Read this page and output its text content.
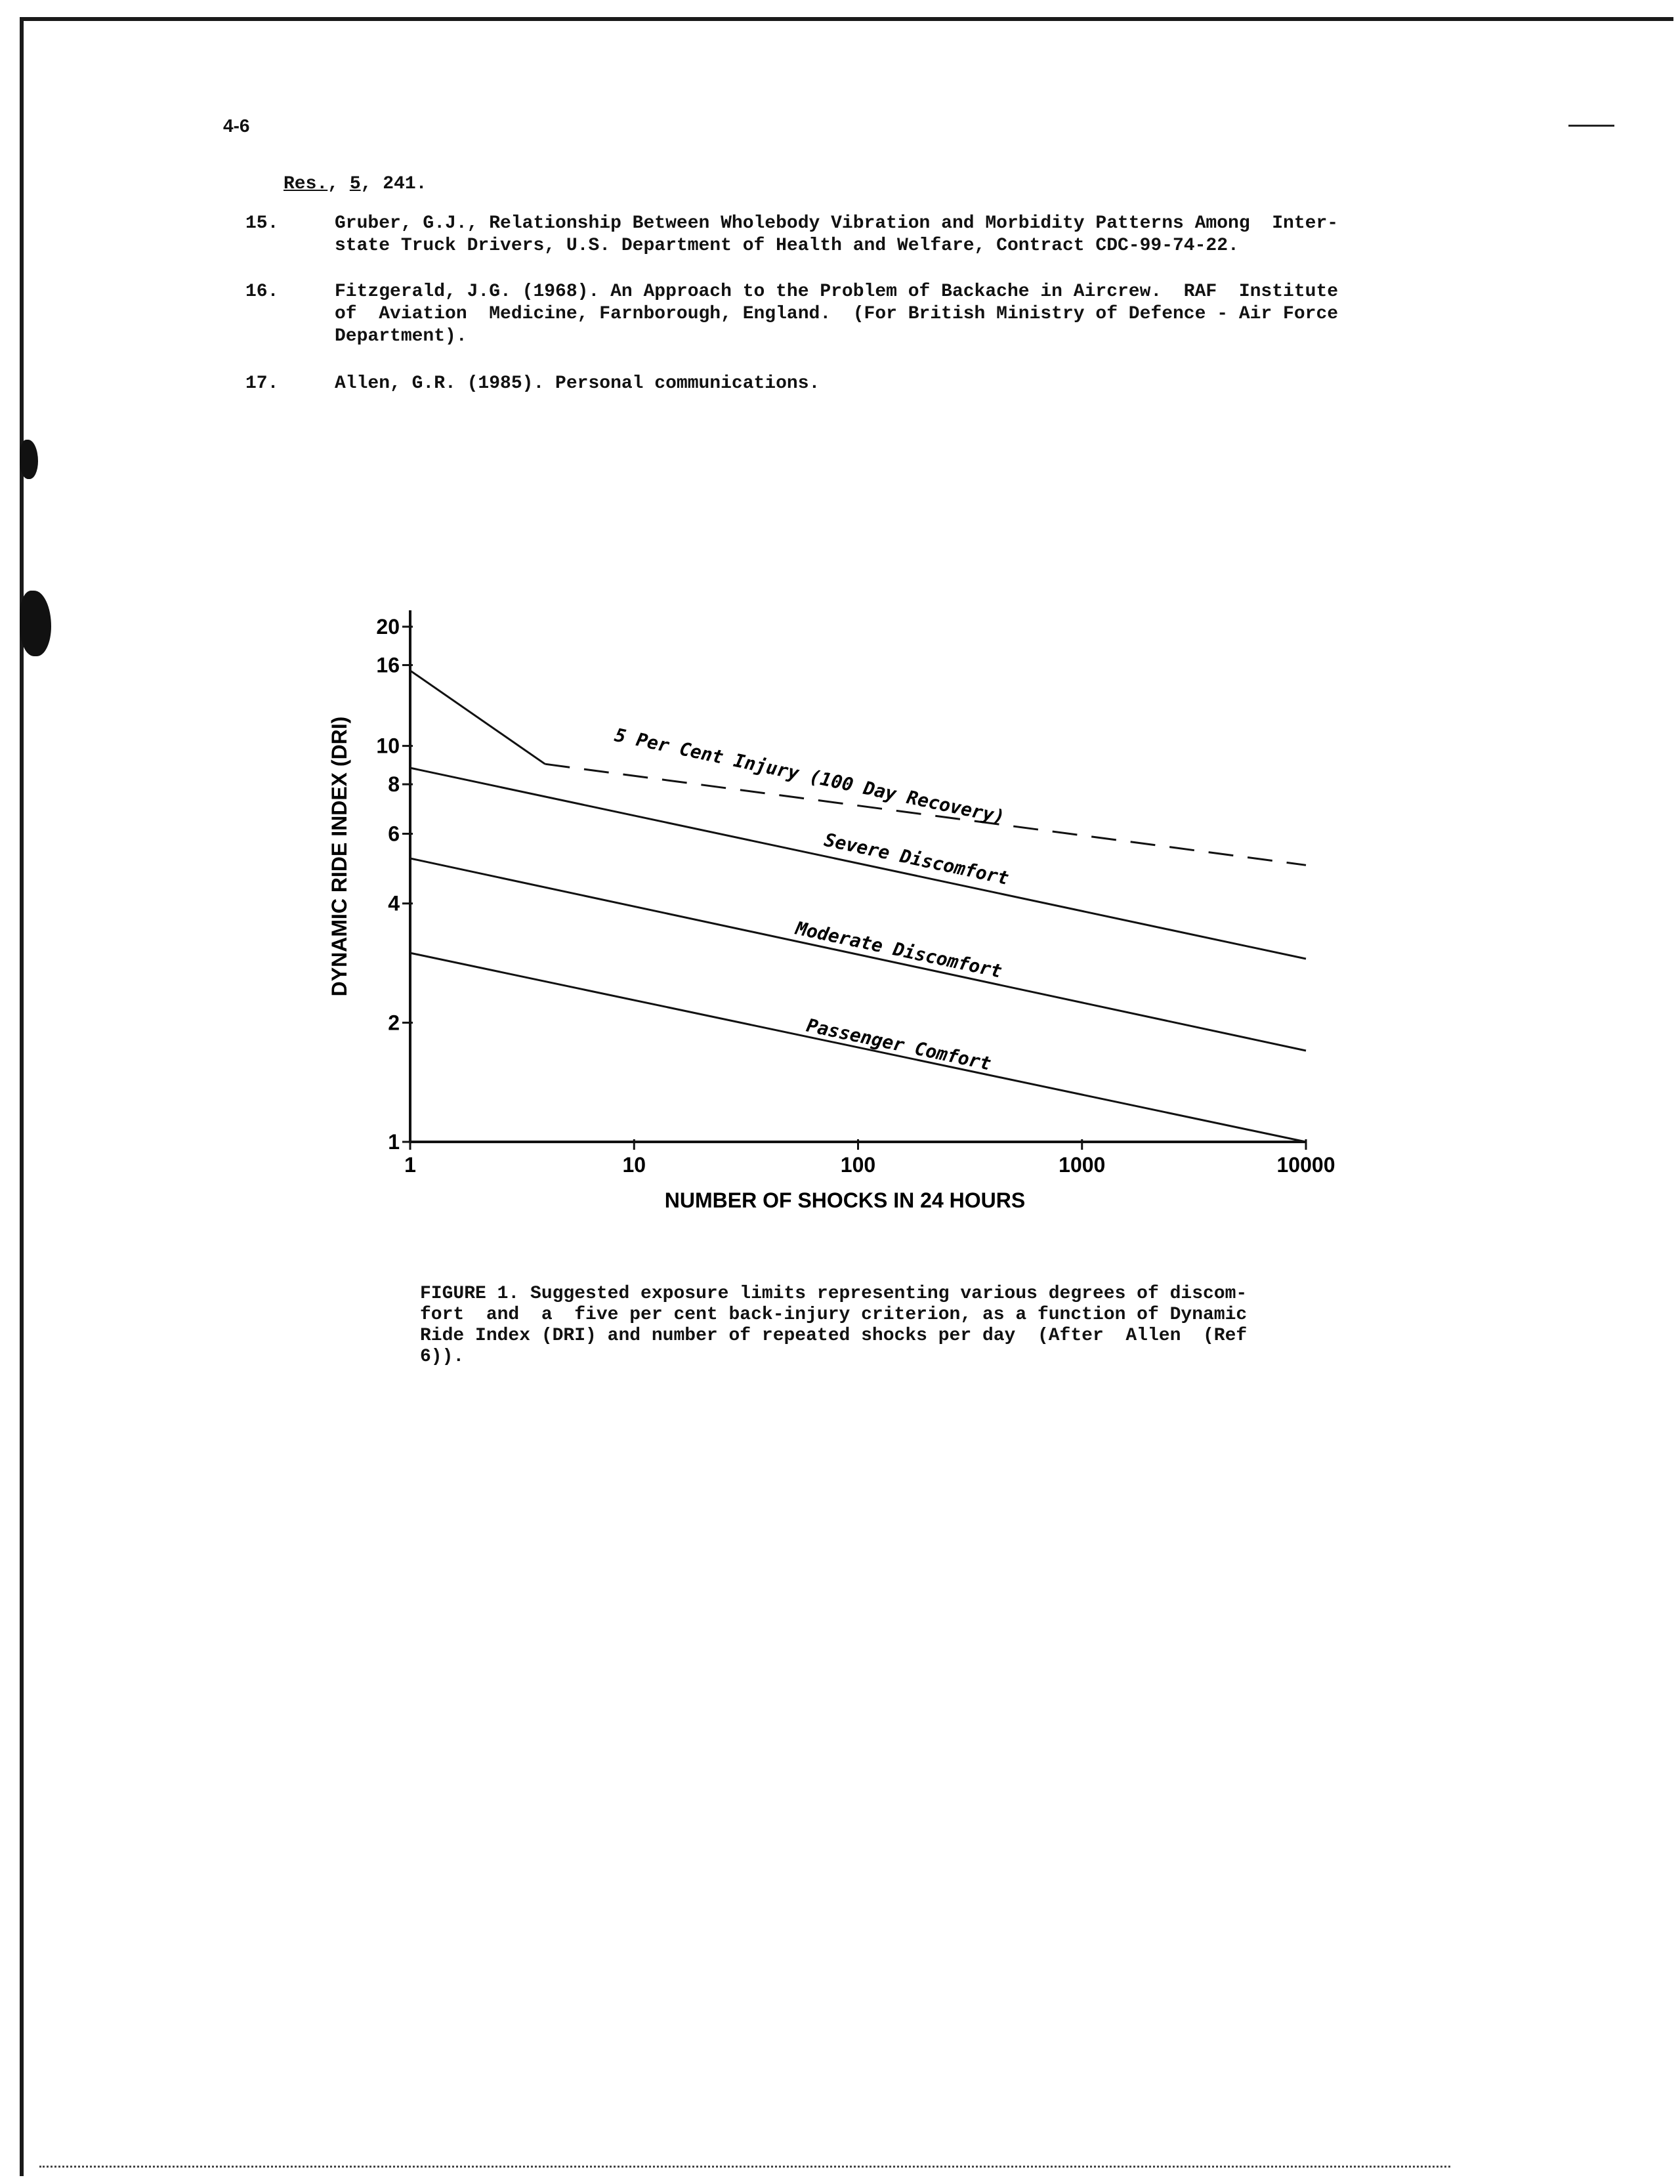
4-6
Res., 5, 241.
15.	Gruber, G.J., Relationship Between Wholebody Vibration and Morbidity Patterns Among  Inter-
state Truck Drivers, U.S. Department of Health and Welfare, Contract CDC-99-74-22.
16.	Fitzgerald, J.G. (1968). An Approach to the Problem of Backache in Aircrew.  RAF  Institute
of  Aviation  Medicine, Farnborough, England.  (For British Ministry of Defence - Air Force
Department).
17.	Allen, G.R. (1985). Personal communications.
1
2
4
6
8
10
16
20
1	10	100	1000	10000
5 Per Cent Injury (100 Day Recovery)
Severe Discomfort
Moderate Discomfort
Passenger Comfort
NUMBER OF SHOCKS IN 24 HOURS
DYNAMIC RIDE INDEX (DRI)
FIGURE 1. Suggested exposure limits representing various degrees of discom-
fort  and  a  five per cent back-injury criterion, as a function of Dynamic
Ride Index (DRI) and number of repeated shocks per day  (After  Allen  (Ref
6)).
